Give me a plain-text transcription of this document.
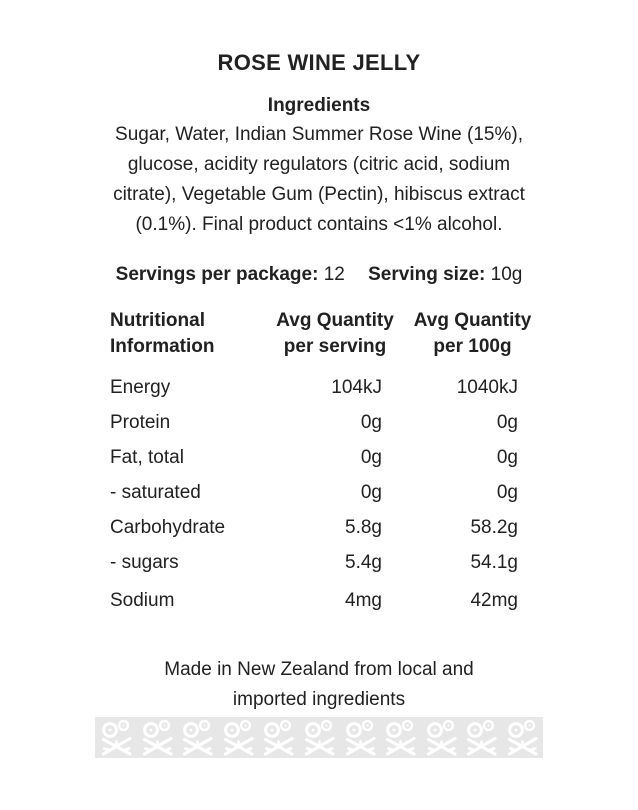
ROSE WINE JELLY
Ingredients
Sugar, Water, Indian Summer Rose Wine (15%),
glucose, acidity regulators (citric acid, sodium
citrate), Vegetable Gum (Pectin), hibiscus extract
(0.1%). Final product contains <1% alcohol.
Servings per package: 12 Serving size: 10g
Nutritional
Information
Avg Quantity
per serving
Avg Quantity
per 100g
Energy	104kJ	1040kJ
Protein	0g	0g
Fat, total	0g	0g
- saturated	0g	0g
Carbohydrate	5.8g	58.2g
- sugars	5.4g	54.1g
Sodium	4mg	42mg
Made in New Zealand from local and
imported ingredients
